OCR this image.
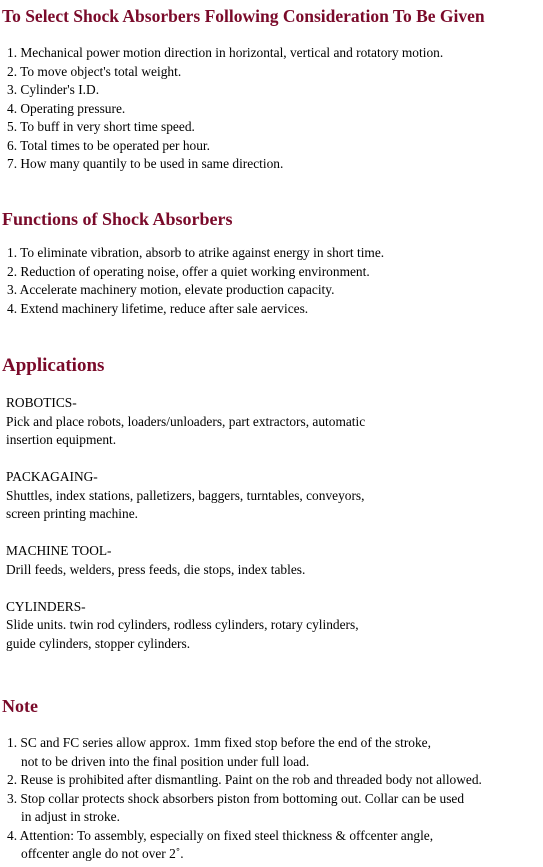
To Select Shock Absorbers Following Consideration To Be Given
1. Mechanical power motion direction in horizontal, vertical and rotatory motion.
2. To move object's total weight.
3. Cylinder's I.D.
4. Operating pressure.
5. To buff in very short time speed.
6. Total times to be operated per hour.
7. How many quantily to be used in same direction.
Functions of Shock Absorbers
1. To eliminate vibration, absorb to atrike against energy in short time.
2. Reduction of operating noise, offer a quiet working environment.
3. Accelerate machinery motion, elevate production capacity.
4. Extend machinery lifetime, reduce after sale aervices.
Applications
ROBOTICS-
Pick and place robots, loaders/unloaders, part extractors, automatic
insertion equipment.
PACKAGAING-
Shuttles, index stations, palletizers, baggers, turntables, conveyors,
screen printing machine.
MACHINE TOOL-
Drill feeds, welders, press feeds, die stops, index tables.
CYLINDERS-
Slide units. twin rod cylinders, rodless cylinders, rotary cylinders,
guide cylinders, stopper cylinders.
Note
1. SC and FC series allow approx. 1mm fixed stop before the end of the stroke,
not to be driven into the final position under full load.
2. Reuse is prohibited after dismantling. Paint on the rob and threaded body not allowed.
3. Stop collar protects shock absorbers piston from bottoming out. Collar can be used
in adjust in stroke.
4. Attention: To assembly, especially on fixed steel thickness & offcenter angle,
offcenter angle do not over 2˚.
